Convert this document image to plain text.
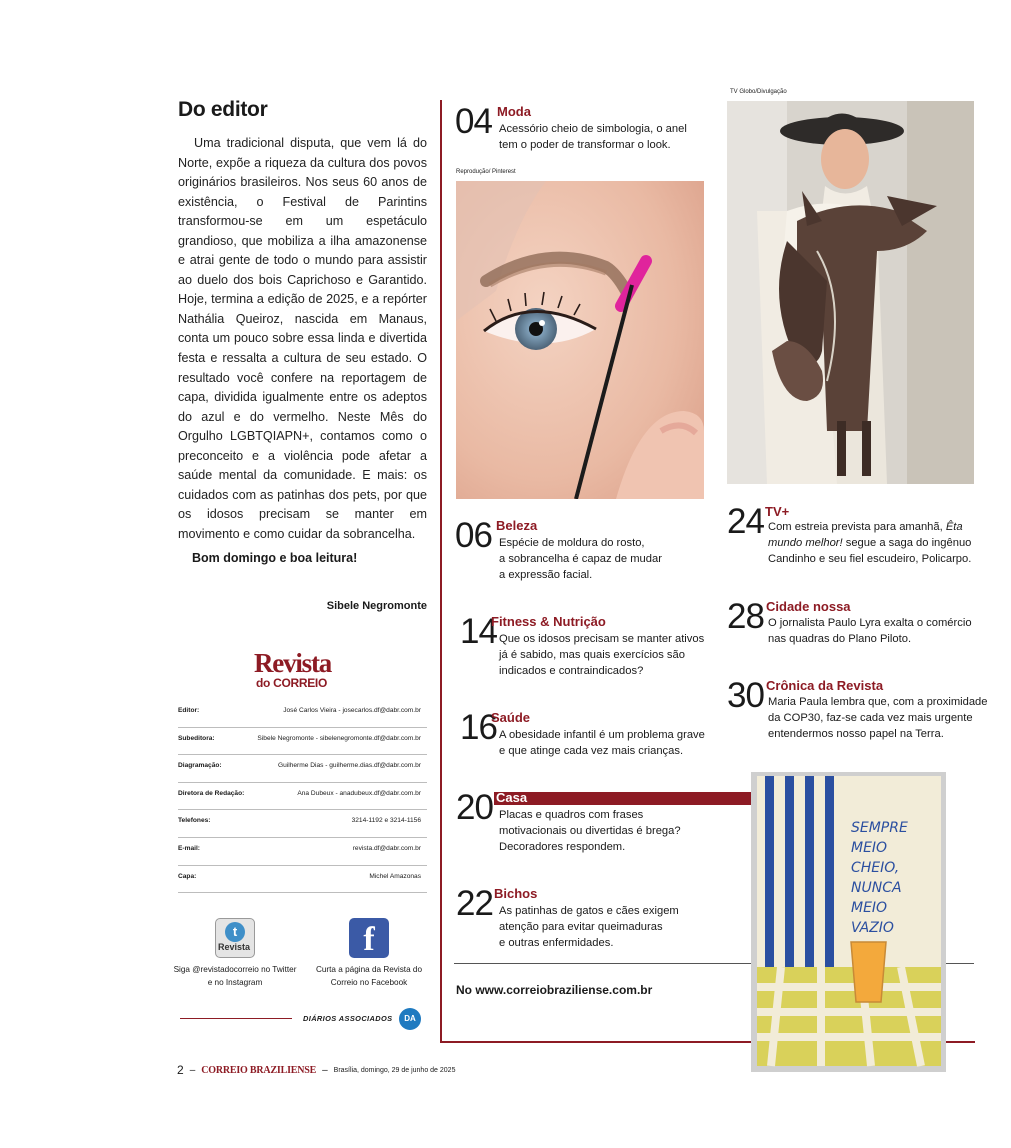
Do editor
Uma tradicional disputa, que vem lá do Norte, expõe a riqueza da cultura dos povos originários brasileiros. Nos seus 60 anos de existência, o Festival de Parintins transformou-se em um espetáculo grandioso, que mobiliza a ilha amazonense e atrai gente de todo o mundo para assistir ao duelo dos bois Caprichoso e Garantido. Hoje, termina a edição de 2025, e a repórter Nathália Queiroz, nascida em Manaus, conta um pouco sobre essa linda e divertida festa e ressalta a cultura de seu estado. O resultado você confere na reportagem de capa, dividida igualmente entre os adeptos do azul e do vermelho. Neste Mês do Orgulho LGBTQIAPN+, contamos como o preconceito e a violência pode afetar a saúde mental da comunidade. E mais: os cuidados com as patinhas dos pets, por que os idosos precisam se manter em movimento e como cuidar da sobrancelha.
Bom domingo e boa leitura!
Sibele Negromonte
Revista
do CORREIO
Editor:	José Carlos Vieira - josecarlos.df@dabr.com.br
Subeditora:	Sibele Negromonte - sibelenegromonte.df@dabr.com.br
Diagramação:	Guilherme Dias - guilherme.dias.df@dabr.com.br
Diretora de Redação:	Ana Dubeux - anadubeux.df@dabr.com.br
Telefones:	3214-1192 e 3214-1156
E-mail:	revista.df@dabr.com.br
Capa:	Michel Amazonas
t
Revista	f
Siga @revistadocorreio no Twitter e no Instagram
Curta a página da Revista do Correio no Facebook
DIÁRIOS ASSOCIADOS	DA
2 – CORREIO BRAZILIENSE – Brasília, domingo, 29 de junho de 2025
Reprodução/ Pinterest
TV Globo/Divulgação
SEMPRE
MEIO
CHEIO,
NUNCA
MEIO
VAZIO
04 Moda
Acessório cheio de simbologia, o anel
tem o poder de transformar o look.
06 Beleza
Espécie de moldura do rosto,
a sobrancelha é capaz de mudar
a expressão facial.
14
Fitness & Nutrição
Que os idosos precisam se manter ativos
já é sabido, mas quais exercícios são
indicados e contraindicados?
16
Saúde
A obesidade infantil é um problema grave
e que atinge cada vez mais crianças.
20 Casa
Placas e quadros com frases
motivacionais ou divertidas é brega?
Decoradores respondem.
22 Bichos
As patinhas de gatos e cães exigem
atenção para evitar queimaduras
e outras enfermidades.
24 TV+
Com estreia prevista para amanhã, Êta mundo melhor! segue a saga do ingênuo Candinho e seu fiel escudeiro, Policarpo.
28 Cidade nossa
O jornalista Paulo Lyra exalta o comércio
nas quadras do Plano Piloto.
30 Crônica da Revista
Maria Paula lembra que, com a proximidade
da COP30, faz-se cada vez mais urgente
entendermos nosso papel na Terra.
No www.correiobraziliense.com.br
